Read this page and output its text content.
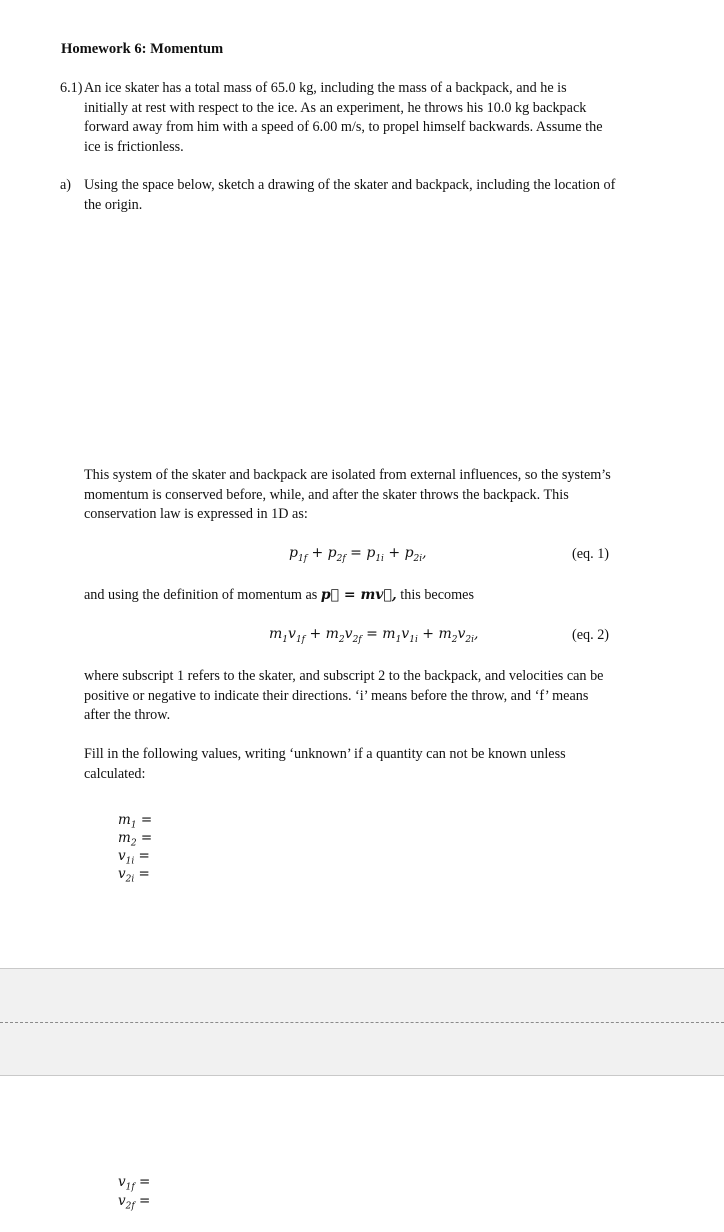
Homework 6: Momentum
6.1) An ice skater has a total mass of 65.0 kg, including the mass of a backpack, and he is
initially at rest with respect to the ice. As an experiment, he throws his 10.0 kg backpack
forward away from him with a speed of 6.00 m/s, to propel himself backwards. Assume the
ice is frictionless.
a) Using the space below, sketch a drawing of the skater and backpack, including the location of
the origin.
This system of the skater and backpack are isolated from external influences, so the system’s
momentum is conserved before, while, and after the skater throws the backpack. This
conservation law is expressed in 1D as:
$p_{1f} + p_{2f} = p_{1i} + p_{2i}$,	(eq. 1)
and using the definition of momentum as p⃗ = mv⃗, this becomes
$m_1v_{1f} + m_2v_{2f} = m_1v_{1i} + m_2v_{2i}$,	(eq. 2)
where subscript 1 refers to the skater, and subscript 2 to the backpack, and velocities can be
positive or negative to indicate their directions. ‘i’ means before the throw, and ‘f’ means
after the throw.
Fill in the following values, writing ‘unknown’ if a quantity can not be known unless
calculated:
$m_1$ =
$m_2$ =
$v_{1i}$ =
$v_{2i}$ =
$v_{1f}$ =
$v_{2f}$ =
